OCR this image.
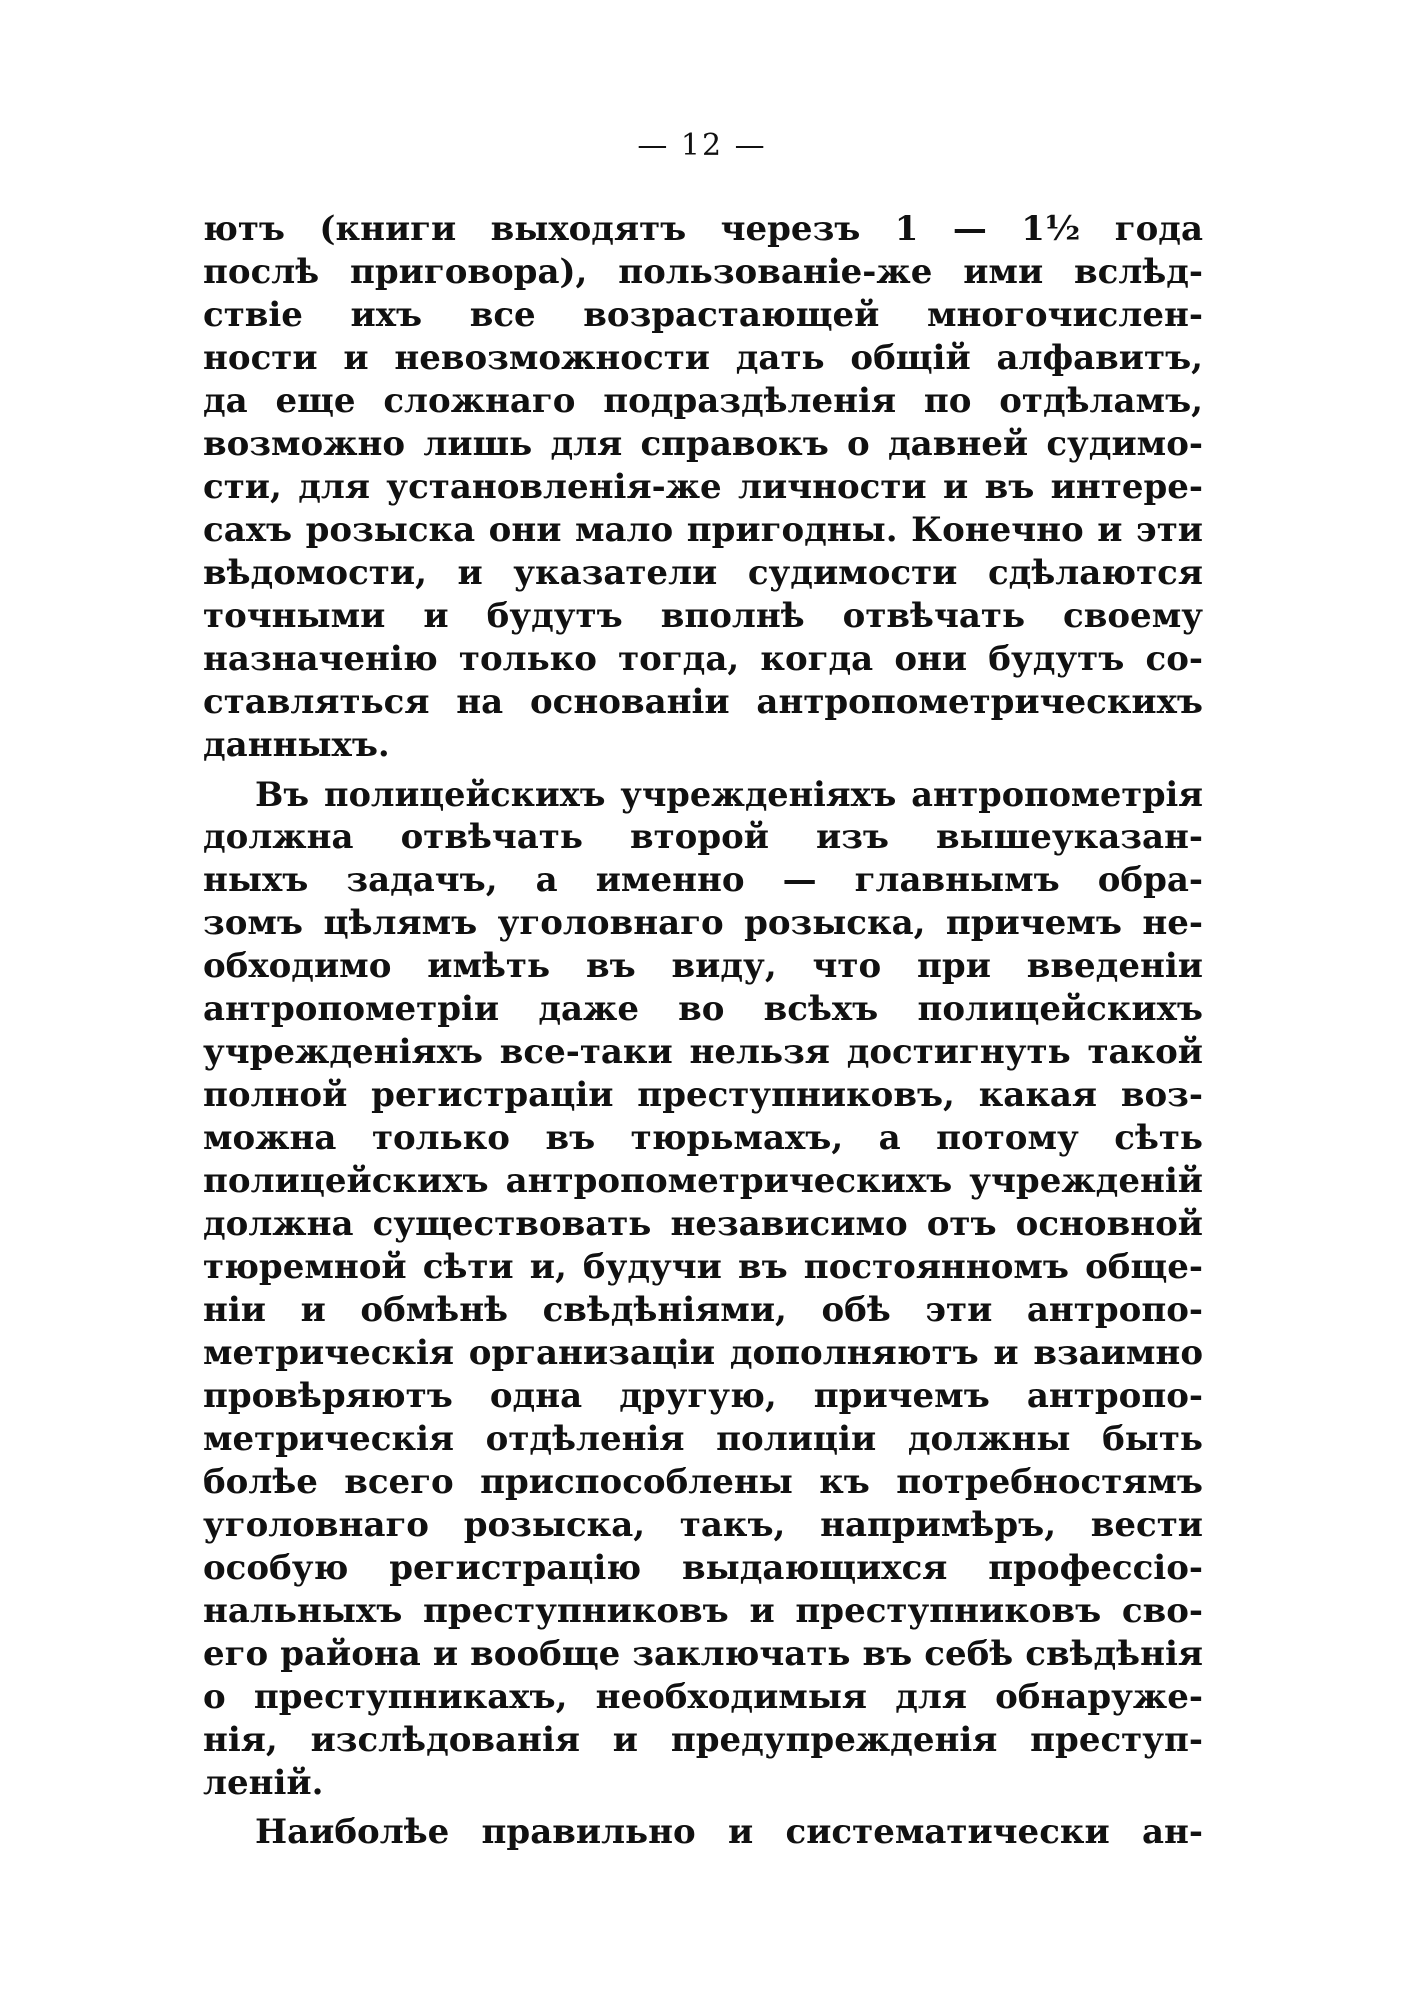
— 12 —
ютъ (книги выходятъ черезъ 1 — 1½ года
послѣ приговора), пользованіе-же ими вслѣд-
ствіе ихъ все возрастающей многочислен-
ности и невозможности дать общій алфавитъ,
да еще сложнаго подраздѣленія по отдѣламъ,
возможно лишь для справокъ о давней судимо-
сти, для установленія-же личности и въ интере-
сахъ розыска они мало пригодны. Конечно и эти
вѣдомости, и указатели судимости сдѣлаются
точными и будутъ вполнѣ отвѣчать своему
назначенію только тогда, когда они будутъ со-
ставляться на основаніи антропометрическихъ
данныхъ.
Въ полицейскихъ учрежденіяхъ антропометрія
должна отвѣчать второй изъ вышеуказан-
ныхъ задачъ, а именно — главнымъ обра-
зомъ цѣлямъ уголовнаго розыска, причемъ не-
обходимо имѣть въ виду, что при введеніи
антропометріи даже во всѣхъ полицейскихъ
учрежденіяхъ все-таки нельзя достигнуть такой
полной регистраціи преступниковъ, какая воз-
можна только въ тюрьмахъ, а потому сѣть
полицейскихъ антропометрическихъ учрежденій
должна существовать независимо отъ основной
тюремной сѣти и, будучи въ постоянномъ обще-
ніи и обмѣнѣ свѣдѣніями, обѣ эти антропо-
метрическія организаціи дополняютъ и взаимно
провѣряютъ одна другую, причемъ антропо-
метрическія отдѣленія полиціи должны быть
болѣе всего приспособлены къ потребностямъ
уголовнаго розыска, такъ, напримѣръ, вести
особую регистрацію выдающихся профессіо-
нальныхъ преступниковъ и преступниковъ сво-
его района и вообще заключать въ себѣ свѣдѣнія
о преступникахъ, необходимыя для обнаруже-
нія, изслѣдованія и предупрежденія преступ-
леній.
Наиболѣе правильно и систематически ан-
